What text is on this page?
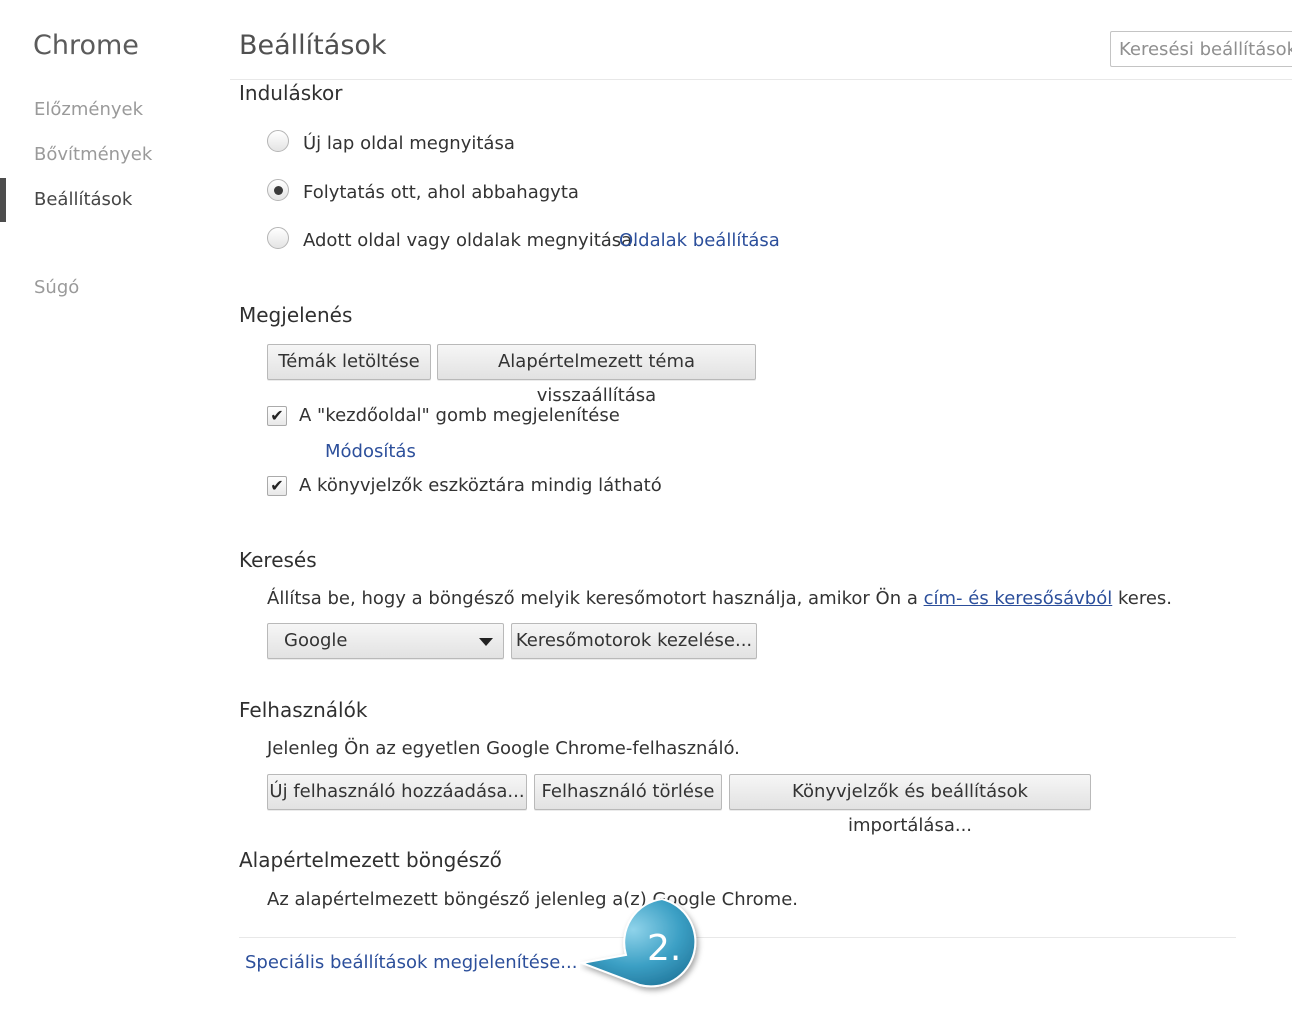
Chrome
Előzmények
Bővítmények
Beállítások
Súgó
Beállítások
Keresési beállítások
Induláskor
Új lap oldal megnyitása
Folytatás ott, ahol abbahagyta
Adott oldal vagy oldalak megnyitása.
Oldalak beállítása
Megjelenés
Témák letöltése	Alapértelmezett téma visszaállítása
✔ A "kezdőoldal" gomb megjelenítése
Módosítás
✔ A könyvjelzők eszköztára mindig látható
Keresés
Állítsa be, hogy a böngésző melyik keresőmotort használja, amikor Ön a cím- és keresősávból keres.
Google	Keresőmotorok kezelése...
Felhasználók
Jelenleg Ön az egyetlen Google Chrome-felhasználó.
Új felhasználó hozzáadása... Felhasználó törlése	Könyvjelzők és beállítások importálása...
Alapértelmezett böngésző
Az alapértelmezett böngésző jelenleg a(z) Google Chrome.
Speciális beállítások megjelenítése... 2.
